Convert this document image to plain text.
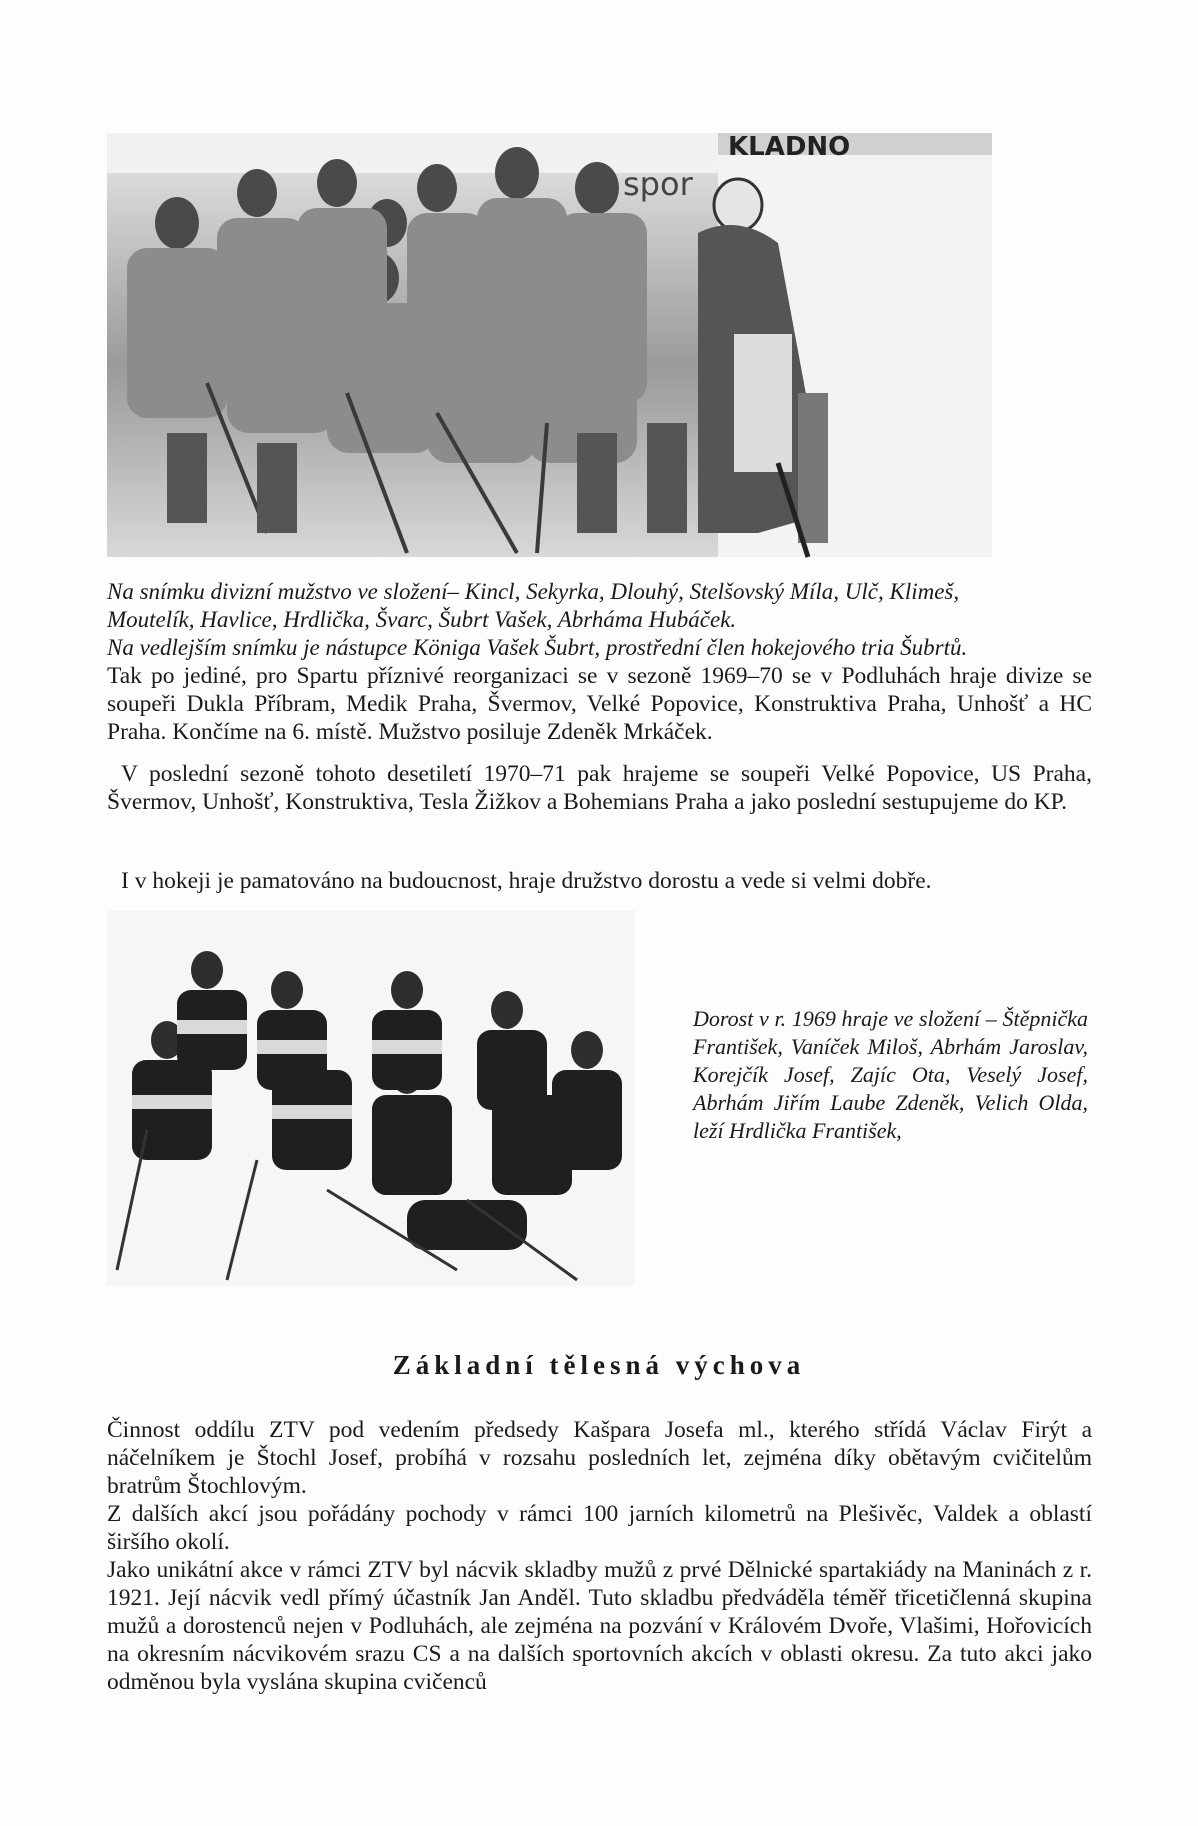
KLADNO
spor
Na snímku divizní mužstvo ve složení– Kincl, Sekyrka, Dlouhý, Stelšovský Míla, Ulč, Klimeš,
Moutelík, Havlice, Hrdlička, Švarc, Šubrt Vašek, Abrháma Hubáček.
Na vedlejším snímku je nástupce Königa Vašek Šubrt, prostřední člen hokejového tria Šubrtů.
Tak po jediné, pro Spartu příznivé reorganizaci se v sezoně 1969–70 se v Podluhách hraje divize se soupeři Dukla Příbram, Medik Praha, Švermov, Velké Popovice, Konstruktiva Praha, Unhošť a HC Praha. Končíme na 6. místě. Mužstvo posiluje Zdeněk Mrkáček.
V poslední sezoně tohoto desetiletí 1970–71 pak hrajeme se soupeři Velké Popovice, US Praha, Švermov, Unhošť, Konstruktiva, Tesla Žižkov a Bohemians Praha a jako poslední sestupujeme do KP.
I v hokeji je pamatováno na budoucnost, hraje družstvo dorostu a vede si velmi dobře.
Dorost v r. 1969 hraje ve složení – Štěpnička František, Vaníček Miloš, Abrhám Jaroslav, Korejčík Josef, Zajíc Ota, Veselý Josef, Abrhám Jiřím Laube Zdeněk, Velich Olda, leží Hrdlička František,
Základní tělesná výchova
Činnost oddílu ZTV pod vedením předsedy Kašpara Josefa ml., kterého střídá Václav Firýt a náčelníkem je Štochl Josef, probíhá v rozsahu posledních let, zejména díky obětavým cvičitelům bratrům Štochlovým.
Z dalších akcí jsou pořádány pochody v rámci 100 jarních kilometrů na Plešivěc, Valdek a oblastí širšího okolí.
Jako unikátní akce v rámci ZTV byl nácvik skladby mužů z prvé Dělnické spartakiády na Maninách z r. 1921. Její nácvik vedl přímý účastník Jan Anděl. Tuto skladbu předváděla téměř třicetičlenná skupina mužů a dorostenců nejen v Podluhách, ale zejména na pozvání v Královém Dvoře, Vlašimi, Hořovicích na okresním nácvikovém srazu CS a na dalších sportovních akcích v oblasti okresu. Za tuto akci jako odměnou byla vyslána skupina cvičenců
